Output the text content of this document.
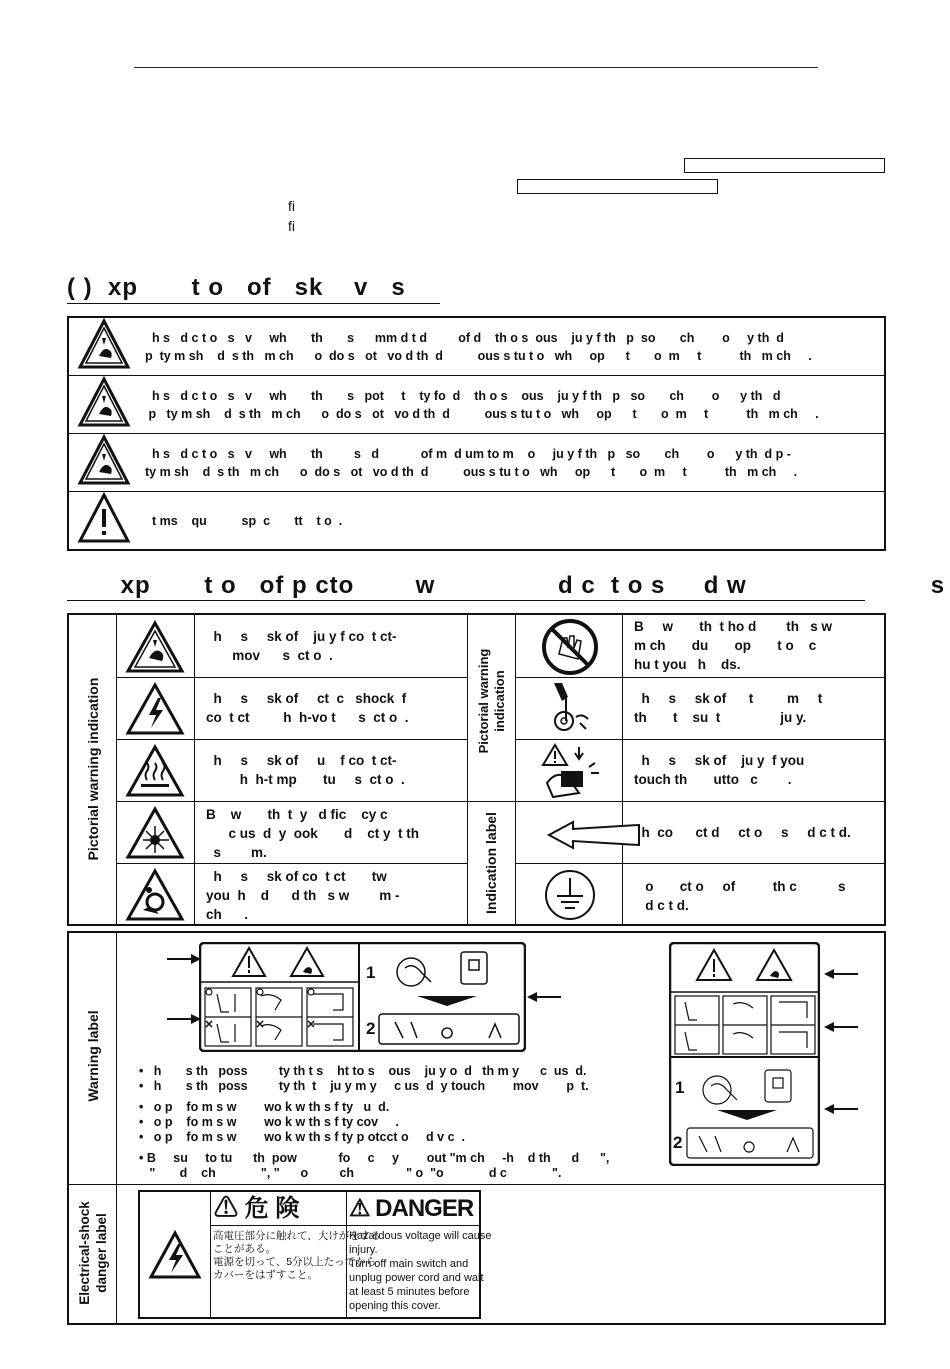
fi
fi
( )  xp       t o   of   sk    v   s

h s   d c t o   s   v     wh       th       s      mm d t d         of d    th o s  ous    ju y f th   p  so       ch        o     y th  d
p  ty m sh    d  s th   m ch      o  do s   ot   vo d th  d          ous s tu t o   wh     op      t       o  m     t           th   m ch     .

h s   d c t o   s   v     wh       th       s   pot     t    ty fo  d    th o s    ous    ju y f th   p   so       ch        o      y th   d
p   ty m sh    d  s th   m ch      o  do s   ot   vo d th  d          ous s tu t o   wh     op      t       o  m     t           th   m ch     .

h s   d c t o   s   v     wh       th         s   d            of m  d um to m    o     ju y f th   p   so       ch        o      y th  d p -
ty m sh    d  s th   m ch      o  do s   ot   vo d th  d          ous s tu t o   wh     op      t       o  m     t           th   m ch     .

t ms    qu          sp  c       tt    t o  .
xp       t o   of p cto        w                d c  t o s     d w                        s
Pictorial warning indication	Pictorial warning indication
Indication label
h     s     sk of    ju y f co  t ct-
mov      s  ct o  .
h     s     sk of     ct  c   shock  f
co  t ct         h  h-vo t      s  ct o  .
h     s     sk of     u    f co  t ct-
h  h-t mp       tu     s  ct o  .
B    w       th  t  y   d fic    cy c
c us  d  y  ook       d    ct y  t th
s        m.
h     s     sk of co  t ct       tw
you  h    d      d th   s w        m -
ch      .
B     w       th  t ho d        th   s w
m ch       du       op       t o    c
hu t you   h    ds.
h     s     sk of      t         m     t
th       t    su  t                ju y.
h     s     sk of    ju y  f you
touch th       utto   c        .
h  co      ct d     ct o     s     d c t d.
o       ct o     of          th c           s
d c t d.
Warning label
Electrical-shock danger label
1
2
1
2
•   h       s th   poss         ty th t s    ht to s    ous    ju y o  d   th m y      c  us  d.
•   h       s th   poss         ty th  t    ju y m y     c us  d  y touch        mov        p  t.
•   o p    fo m s w        wo k w th s f ty   u  d.
•   o p    fo m s w        wo k w th s f ty cov     .
•   o p    fo m s w        wo k w th s f ty p otcct o     d v c  .
• B     su     to tu      th  pow            fo     c     y        out "m ch     -h    d th      d      ",
"       d    ch             ", "      o         ch               " o  "o             d c             ".
⚠ 危 険
高電圧部分に触れて、大けがをする
ことがある。
電源を切って、5分以上たってから
カバーをはずすこと。
⚠ DANGER
Hazardous voltage will cause
injury.
Turn off main switch and
unplug power cord and wait
at least 5 minutes before
opening this cover.
